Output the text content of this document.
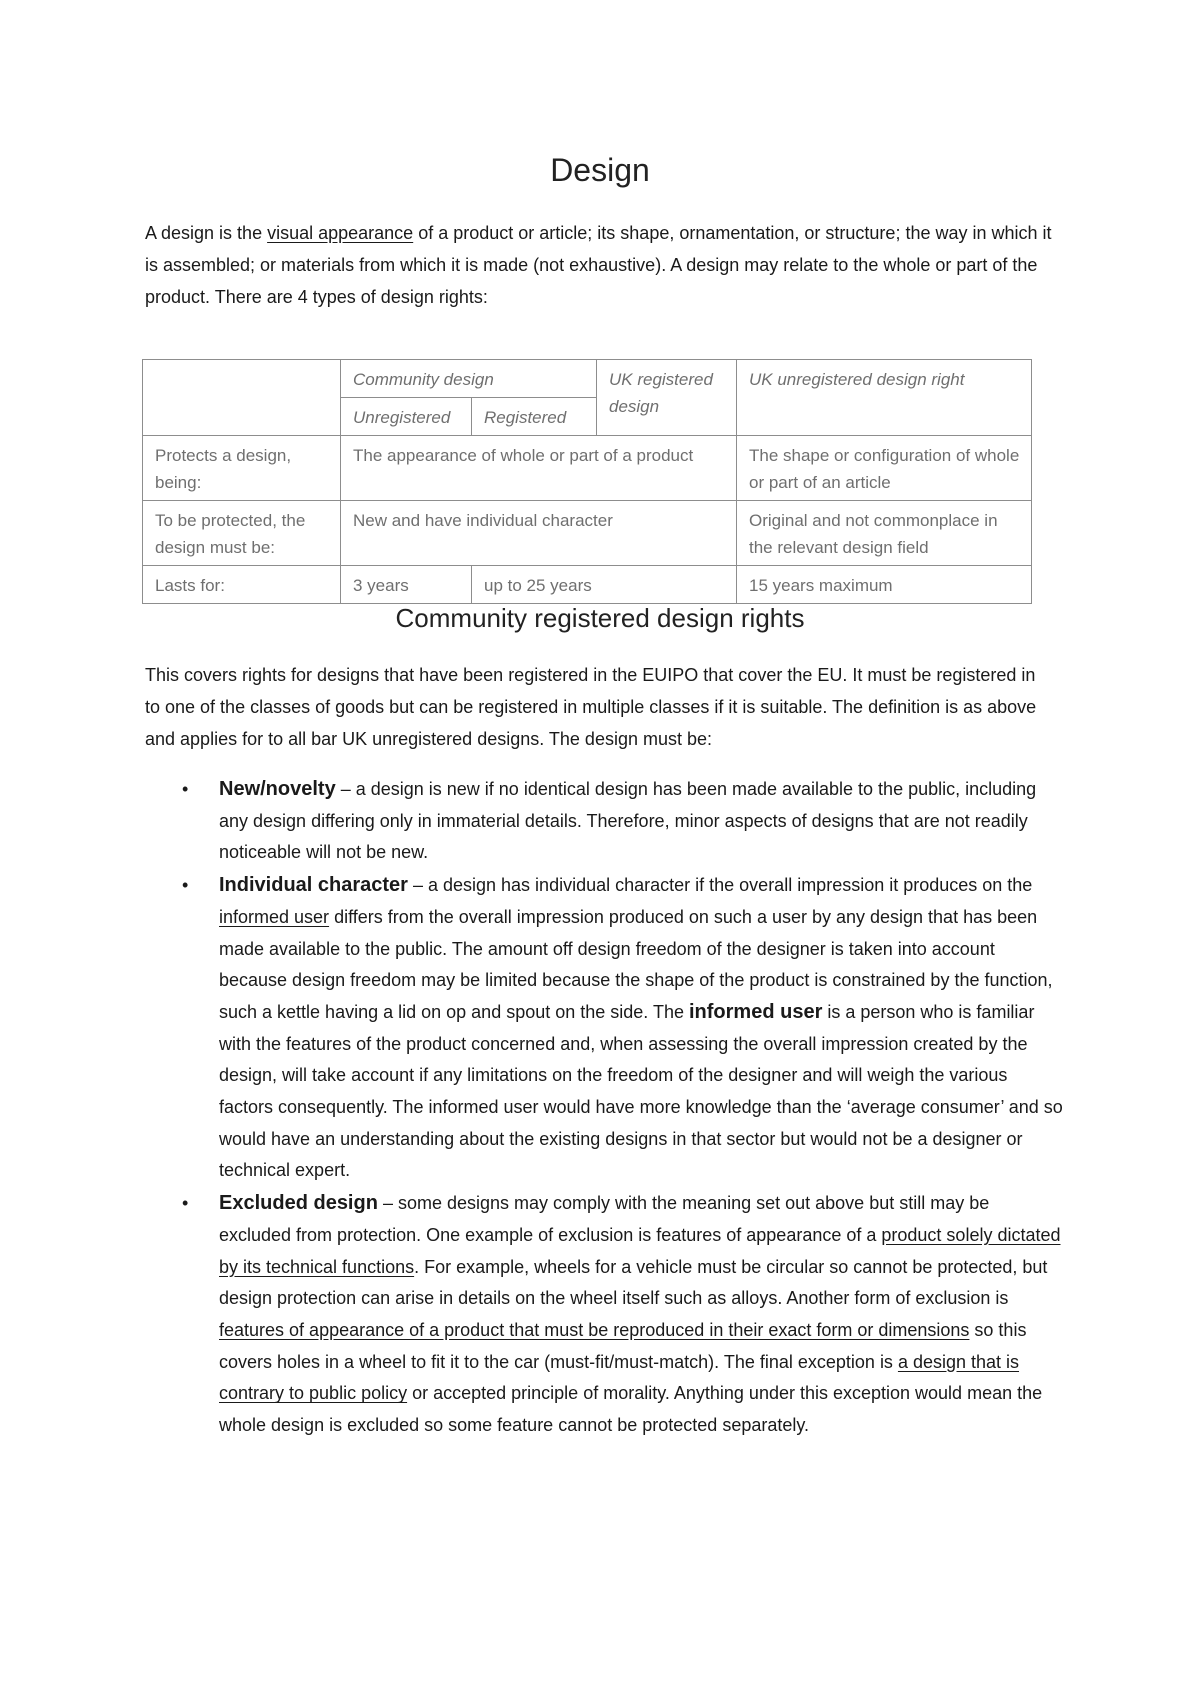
Design
A design is the visual appearance of a product or article; its shape, ornamentation, or structure; the way in which it is assembled; or materials from which it is made (not exhaustive). A design may relate to the whole or part of the product. There are 4 types of design rights:
	Community design		UK registered design	UK unregistered design right
	Unregistered	Registered		
Protects a design, being:	The appearance of whole or part of a product			The shape or configuration of whole or part of an article
To be protected, the design must be:	New and have individual character			Original and not commonplace in the relevant design field
Lasts for:	3 years	up to 25 years		15 years maximum
Community registered design rights
This covers rights for designs that have been registered in the EUIPO that cover the EU. It must be registered in to one of the classes of goods but can be registered in multiple classes if it is suitable. The definition is as above and applies for to all bar UK unregistered designs. The design must be:
• New/novelty – a design is new if no identical design has been made available to the public, including any design differing only in immaterial details. Therefore, minor aspects of designs that are not readily noticeable will not be new.
• Individual character – a design has individual character if the overall impression it produces on the informed user differs from the overall impression produced on such a user by any design that has been made available to the public. The amount off design freedom of the designer is taken into account because design freedom may be limited because the shape of the product is constrained by the function, such a kettle having a lid on op and spout on the side. The informed user is a person who is familiar with the features of the product concerned and, when assessing the overall impression created by the design, will take account if any limitations on the freedom of the designer and will weigh the various factors consequently. The informed user would have more knowledge than the ‘average consumer’ and so would have an understanding about the existing designs in that sector but would not be a designer or technical expert.
• Excluded design – some designs may comply with the meaning set out above but still may be excluded from protection. One example of exclusion is features of appearance of a product solely dictated by its technical functions. For example, wheels for a vehicle must be circular so cannot be protected, but design protection can arise in details on the wheel itself such as alloys. Another form of exclusion is features of appearance of a product that must be reproduced in their exact form or dimensions so this covers holes in a wheel to fit it to the car (must-fit/must-match). The final exception is a design that is contrary to public policy or accepted principle of morality. Anything under this exception would mean the whole design is excluded so some feature cannot be protected separately.
